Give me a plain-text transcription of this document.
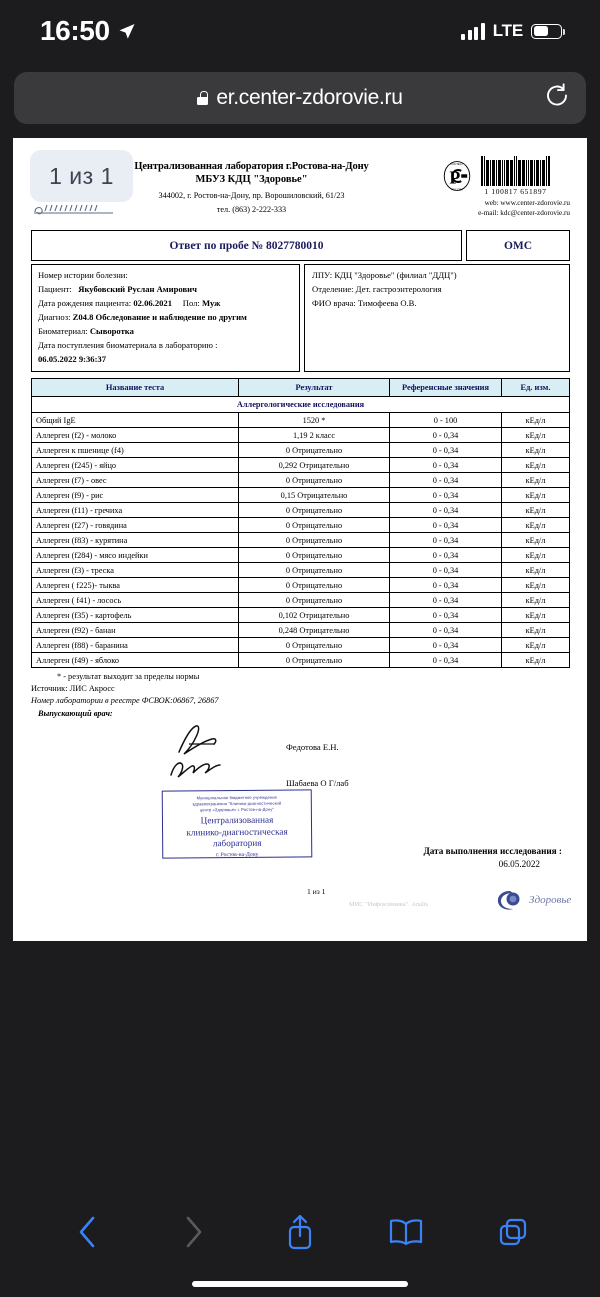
16:50	LTE
er.center-zdorovie.ru
1 из 1	Централизованная лаборатория г.Ростова-на-Дону
МБУЗ КДЦ "Здоровье"
344002, г. Ростов-на-Дону, пр. Ворошиловский, 61/23
тел. (863) 2-222-333
РОСТЕСТ
РОС ОБЛ
Р
1 100817 651897
web: www.center-zdorovie.ru
e-mail: kdc@center-zdorovie.ru
Ответ по пробе № 8027780010	ОМС
Номер истории болезни:
Пациент: Якубовский Руслан Амирович
Дата рождения пациента: 02.06.2021 Пол: Муж
Диагноз: Z04.8 Обследование и наблюдение по другим
Биоматериал: Сыворотка
Дата поступления биоматериала в лабораторию :
06.05.2022 9:36:37
ЛПУ: КДЦ "Здоровье" (филиал "ДДЦ")
Отделение: Дет. гастроэнтерология
ФИО врача: Тимофеева О.В.
Название теста	Результат	Референсные значения	Ед. изм.
Аллергологические исследования			
Общий IgE	1520 *	0 - 100	кЕд/л
Аллерген (f2) - молоко	1,19 2 класс	0 - 0,34	кЕд/л
Аллерген к пшенице (f4)	0 Отрицательно	0 - 0,34	кЕд/л
Аллерген (f245) - яйцо	0,292 Отрицательно	0 - 0,34	кЕд/л
Аллерген (f7) - овес	0 Отрицательно	0 - 0,34	кЕд/л
Аллерген (f9) - рис	0,15 Отрицательно	0 - 0,34	кЕд/л
Аллерген (f11) - гречиха	0 Отрицательно	0 - 0,34	кЕд/л
Аллерген (f27) - говядина	0 Отрицательно	0 - 0,34	кЕд/л
Аллерген (f83) - курятина	0 Отрицательно	0 - 0,34	кЕд/л
Аллерген (f284) - мясо индейки	0 Отрицательно	0 - 0,34	кЕд/л
Аллерген (f3) - треска	0 Отрицательно	0 - 0,34	кЕд/л
Аллерген ( f225)- тыква	0 Отрицательно	0 - 0,34	кЕд/л
Аллерген ( f41) - лосось	0 Отрицательно	0 - 0,34	кЕд/л
Аллерген (f35) - картофель	0,102 Отрицательно	0 - 0,34	кЕд/л
Аллерген (f92) - банан	0,248 Отрицательно	0 - 0,34	кЕд/л
Аллерген (f88) - баранина	0 Отрицательно	0 - 0,34	кЕд/л
Аллерген (f49) - яблоко	0 Отрицательно	0 - 0,34	кЕд/л
* - результат выходит за пределы нормы
Источник: ЛИС Акросс
Номер лаборатории в реестре ФСВОК:06867, 26867
Выпускающий врач:
Федотова Е.Н.
Шабаева О Г/лаб
Муниципальное бюджетное учреждение
здравоохранения "Клинико-диагностический
центр «Здоровье» г. Ростов-на-Дону"
Централизованная
клинико-диагностическая
лаборатория
г. Ростов-на-Дону	Дата выполнения исследования :
06.05.2022
1 из 1
МИС "Инфоклиника". Analis	Здоровье
